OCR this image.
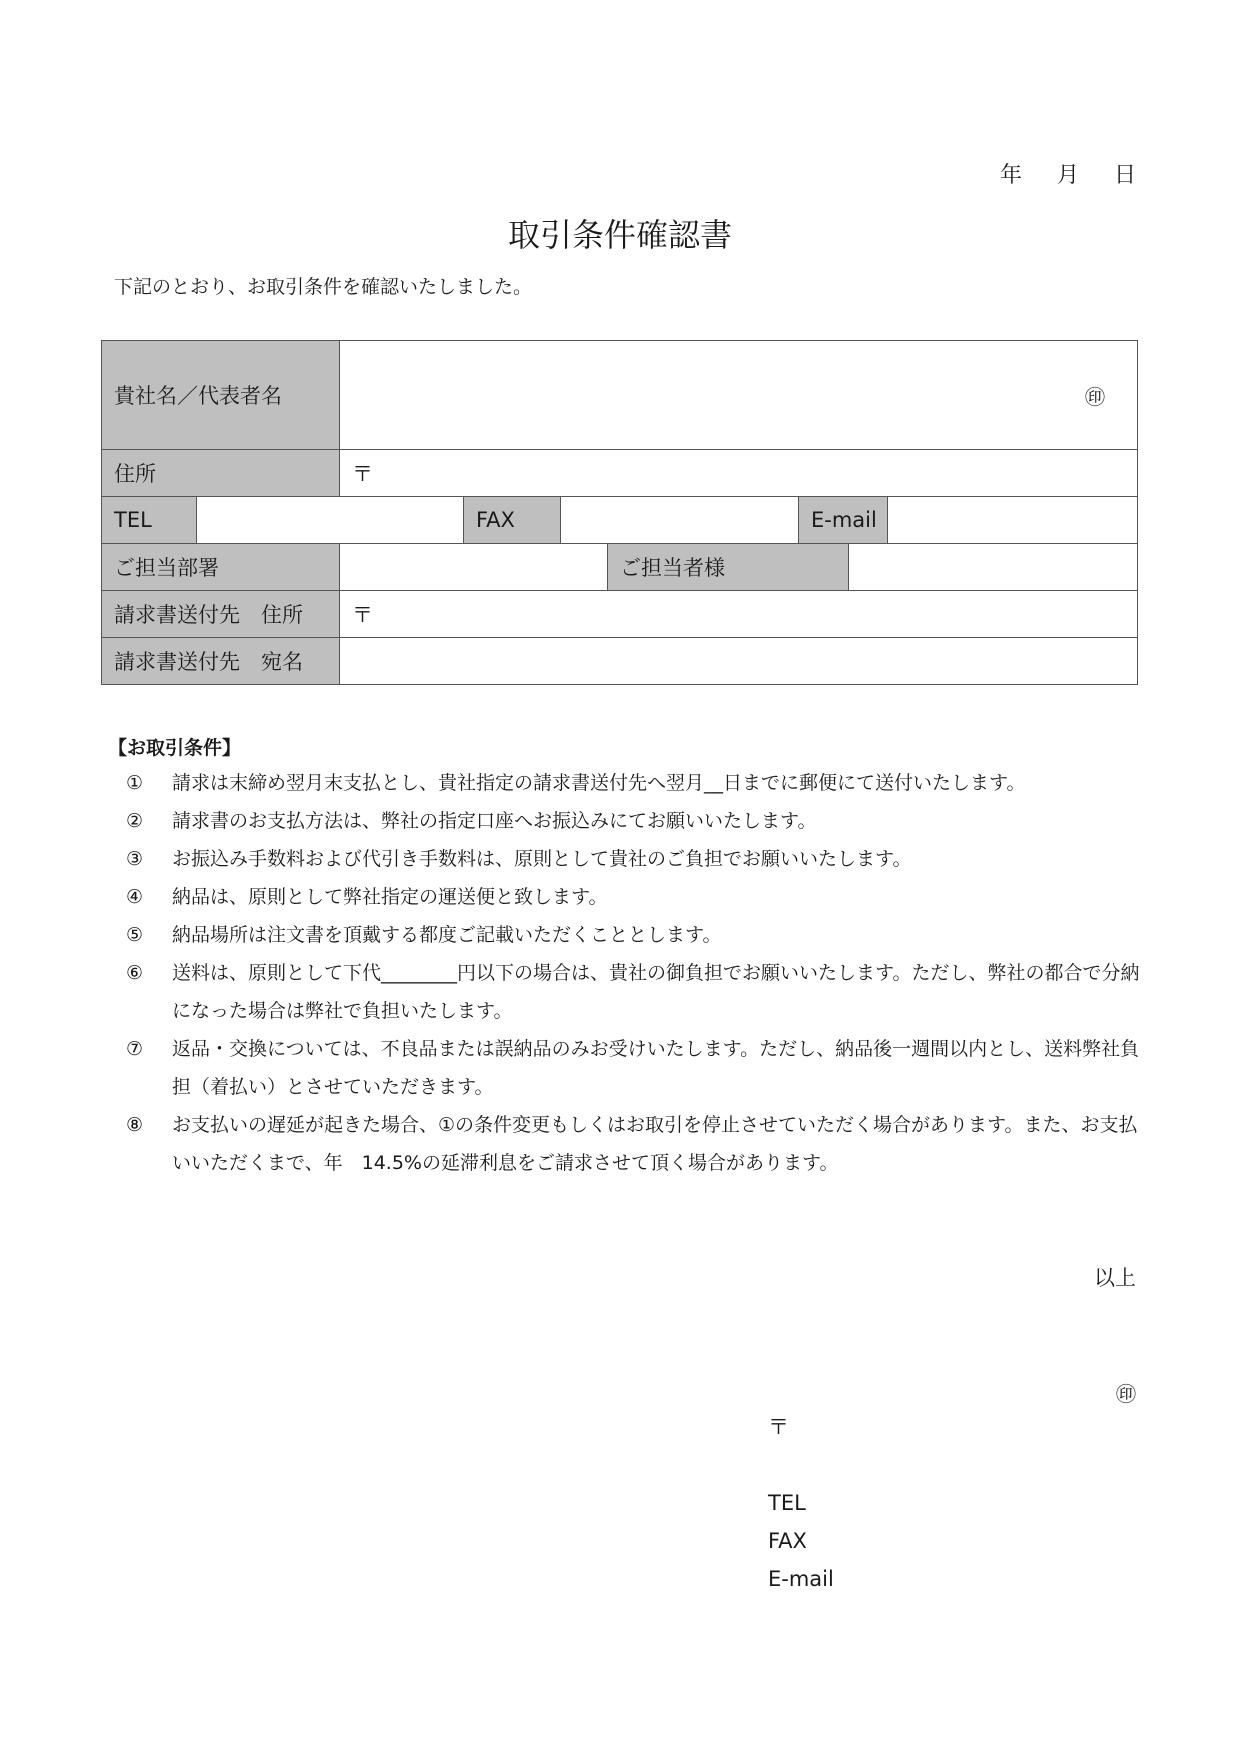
年 月 日
取引条件確認書
下記のとおり、お取引条件を確認いたしました。
貴社名／代表者名		㊞						

住所		〒						
TEL			FAX			E-mail		
ご担当部署					ご担当者様			
請求書送付先　住所		〒						
請求書送付先　宛名								
【お取引条件】
①	請求は末締め翌月末支払とし、貴社指定の請求書送付先へ翌月__日までに郵便にて送付いたします。
②	請求書のお支払方法は、弊社の指定口座へお振込みにてお願いいたします。
③	お振込み手数料および代引き手数料は、原則として貴社のご負担でお願いいたします。
④	納品は、原則として弊社指定の運送便と致します。
⑤	納品場所は注文書を頂戴する都度ご記載いただくこととします。
⑥	送料は、原則として下代________円以下の場合は、貴社の御負担でお願いいたします。ただし、弊社の都合で分納になった場合は弊社で負担いたします。
⑦	返品・交換については、不良品または誤納品のみお受けいたします。ただし、納品後一週間以内とし、送料弊社負担（着払い）とさせていただきます。
⑧	お支払いの遅延が起きた場合、①の条件変更もしくはお取引を停止させていただく場合があります。また、お支払いいただくまで、年　14.5%の延滞利息をご請求させて頂く場合があります。
以上
㊞
〒
TEL
FAX
E-mail
